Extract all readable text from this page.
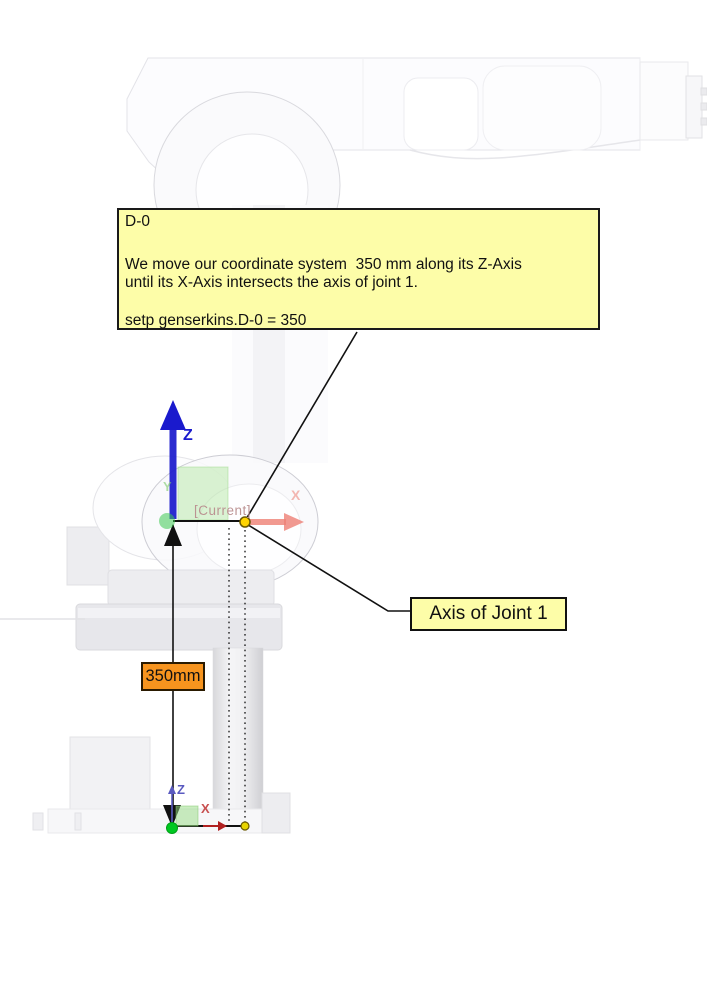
D-0
We move our coordinate system  350 mm along its Z-Axis
until its X-Axis intersects the axis of joint 1.
setp genserkins.D-0 = 350
Axis of Joint 1
350mm
Z
[Current]
X
Y
Z
X
